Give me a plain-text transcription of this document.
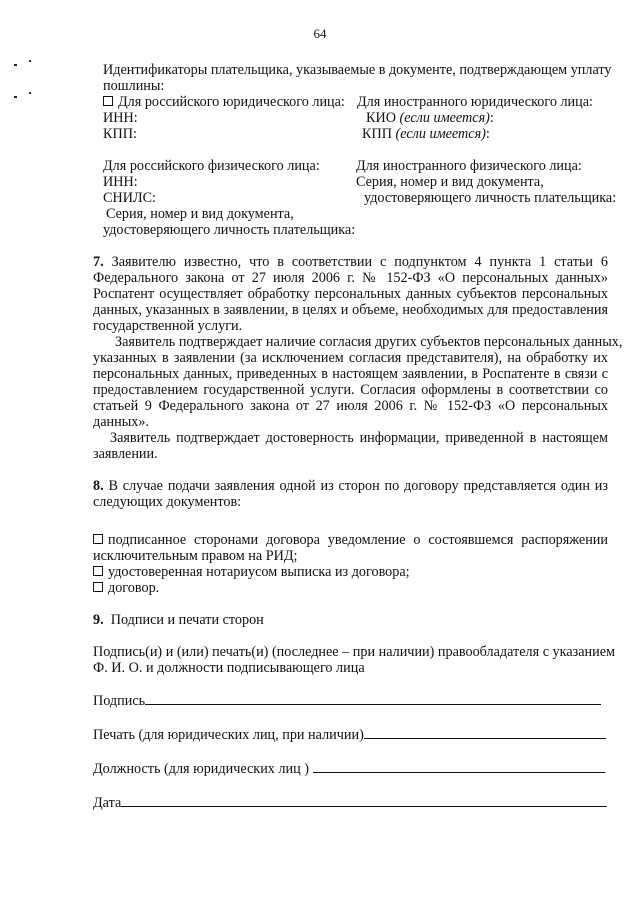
64
Идентификаторы плательщика, указываемые в документе, подтверждающем уплату
пошлины:
Для российского юридического лица:
ИНН:
КПП:
Для иностранного юридического лица:
КИО (если имеется):
КПП (если имеется):
Для российского физического лица:
ИНН:
СНИЛС:
Серия, номер и вид документа,
удостоверяющего личность плательщика:
Для иностранного физического лица:
Серия, номер и вид документа,
удостоверяющего личность плательщика:
7. Заявителю известно, что в соответствии с подпунктом 4 пункта 1 статьи 6
Федерального закона от 27 июля 2006 г. № 152-ФЗ «О персональных данных»
Роспатент осуществляет обработку персональных данных субъектов персональных
данных, указанных в заявлении, в целях и объеме, необходимых для предоставления
государственной услуги.
Заявитель подтверждает наличие согласия других субъектов персональных данных,
указанных в заявлении (за исключением согласия представителя), на обработку их
персональных данных, приведенных в настоящем заявлении, в Роспатенте в связи с
предоставлением государственной услуги. Согласия оформлены в соответствии со
статьей 9 Федерального закона от 27 июля 2006 г. № 152-ФЗ «О персональных
данных».
Заявитель подтверждает достоверность информации, приведенной в настоящем
заявлении.
8. В случае подачи заявления одной из сторон по договору представляется один из
следующих документов:
подписанное сторонами договора уведомление о состоявшемся распоряжении
исключительным правом на РИД;
удостоверенная нотариусом выписка из договора;
договор.
9. Подписи и печати сторон
Подпись(и) и (или) печать(и) (последнее – при наличии) правообладателя с указанием
Ф. И. О. и должности подписывающего лица
Подпись
Печать (для юридических лиц, при наличии)
Должность (для юридических лиц )
Дата
